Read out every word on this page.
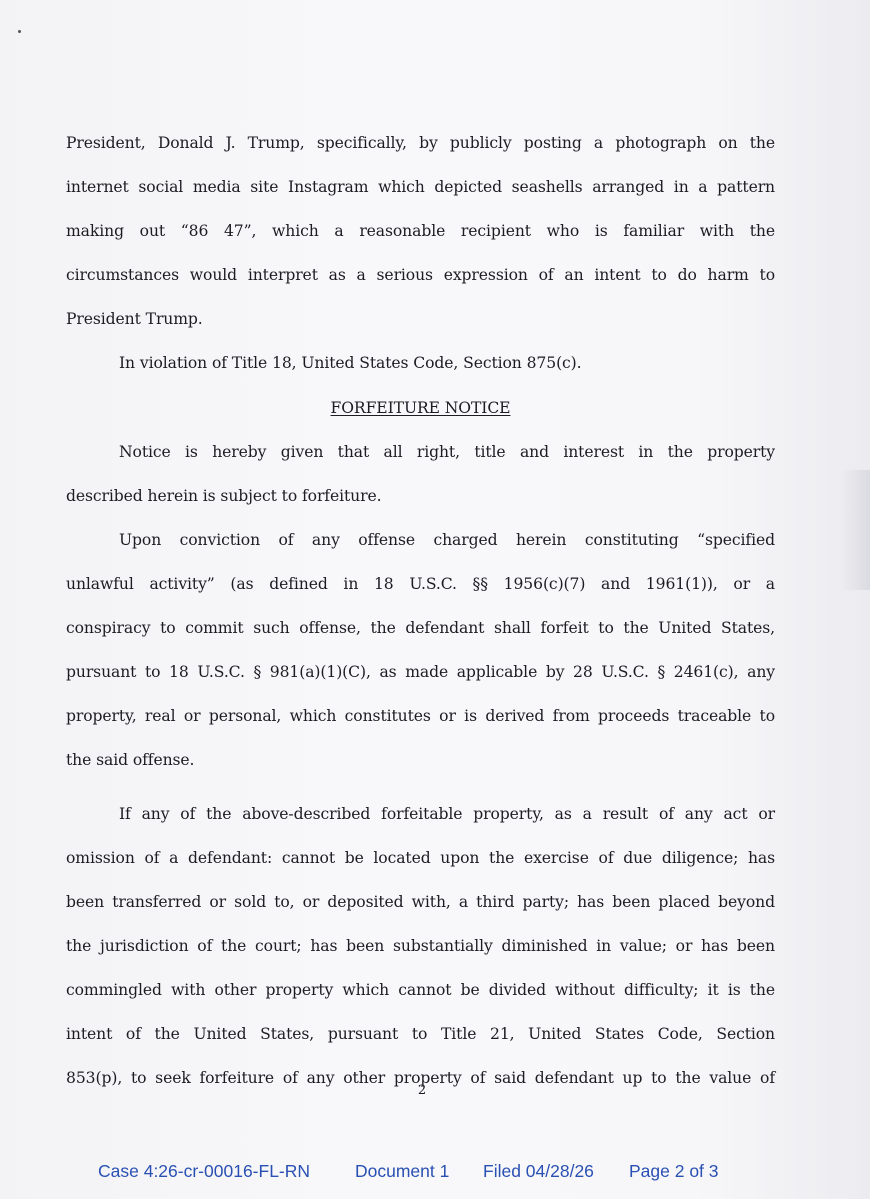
President, Donald J. Trump, specifically, by publicly posting a photograph on the
internet social media site Instagram which depicted seashells arranged in a pattern
making out “86 47”, which a reasonable recipient who is familiar with the
circumstances would interpret as a serious expression of an intent to do harm to
President Trump.
In violation of Title 18, United States Code, Section 875(c).
FORFEITURE NOTICE
Notice is hereby given that all right, title and interest in the property
described herein is subject to forfeiture.
Upon conviction of any offense charged herein constituting “specified
unlawful activity” (as defined in 18 U.S.C. §§ 1956(c)(7) and 1961(1)), or a
conspiracy to commit such offense, the defendant shall forfeit to the United States,
pursuant to 18 U.S.C. § 981(a)(1)(C), as made applicable by 28 U.S.C. § 2461(c), any
property, real or personal, which constitutes or is derived from proceeds traceable to
the said offense.
If any of the above-described forfeitable property, as a result of any act or
omission of a defendant: cannot be located upon the exercise of due diligence; has
been transferred or sold to, or deposited with, a third party; has been placed beyond
the jurisdiction of the court; has been substantially diminished in value; or has been
commingled with other property which cannot be divided without difficulty; it is the
intent of the United States, pursuant to Title 21, United States Code, Section
853(p), to seek forfeiture of any other property of said defendant up to the value of
2
Case 4:26-cr-00016-FL-RN	Document 1	Filed 04/28/26	Page 2 of 3
